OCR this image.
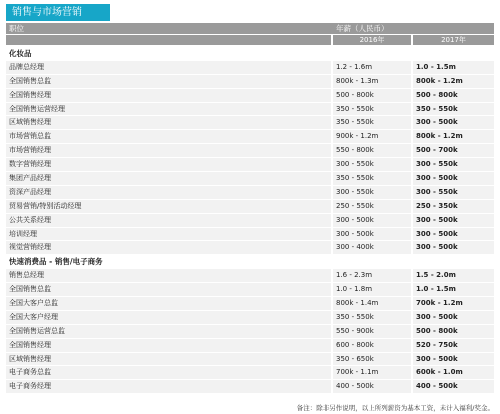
销售与市场营销
职位	年薪（人民币）
2016年	2017年
化妆品
品牌总经理	1.2 - 1.6m	1.0 - 1.5m
全国销售总监	800k - 1.3m	800k - 1.2m
全国销售经理	500 - 800k	500 - 800k
全国销售运营经理	350 - 550k	350 - 550k
区域销售经理	350 - 550k	300 - 500k
市场营销总监	900k - 1.2m	800k - 1.2m
市场营销经理	550 - 800k	500 - 700k
数字营销经理	300 - 550k	300 - 550k
集团产品经理	350 - 550k	300 - 500k
资深产品经理	300 - 550k	300 - 550k
贸易营销/特别活动经理	250 - 550k	250 - 350k
公共关系经理	300 - 500k	300 - 500k
培训经理	300 - 500k	300 - 500k
视觉营销经理	300 - 400k	300 - 500k
快速消费品 - 销售/电子商务
销售总经理	1.6 - 2.3m	1.5 - 2.0m
全国销售总监	1.0 - 1.8m	1.0 - 1.5m
全国大客户总监	800k - 1.4m	700k - 1.2m
全国大客户经理	350 - 550k	300 - 500k
全国销售运营总监	550 - 900k	500 - 800k
全国销售经理	600 - 800k	520 - 750k
区域销售经理	350 - 650k	300 - 500k
电子商务总监	700k - 1.1m	600k - 1.0m
电子商务经理	400 - 500k	400 - 500k
备注：除非另作说明，以上所列薪资为基本工资，未计入福利/奖金。
